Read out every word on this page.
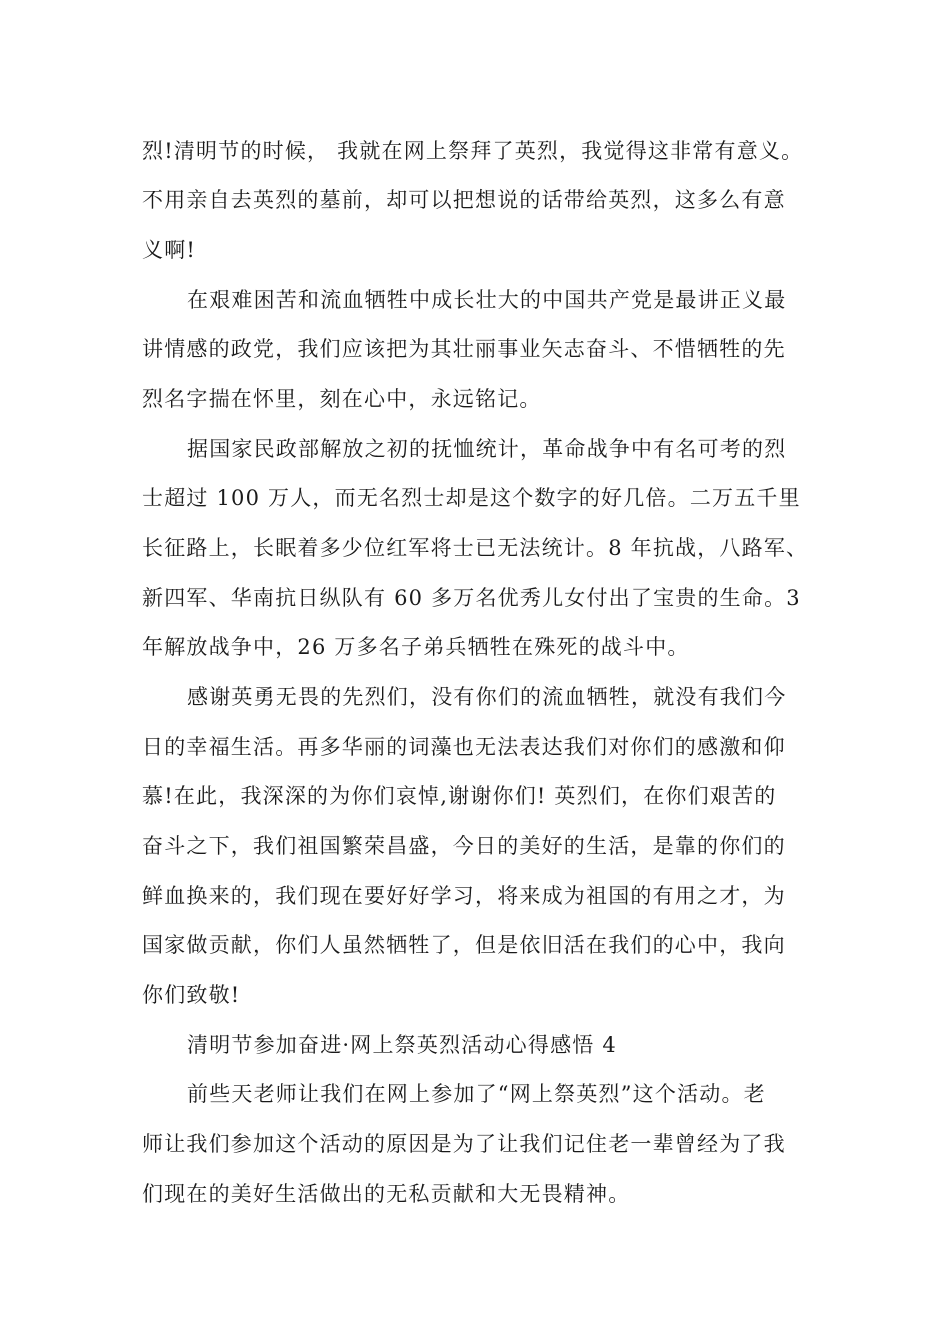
烈!清明节的时候， 我就在网上祭拜了英烈，我觉得这非常有意义。
不用亲自去英烈的墓前，却可以把想说的话带给英烈，这多么有意
义啊!
在艰难困苦和流血牺牲中成长壮大的中国共产党是最讲正义最
讲情感的政党，我们应该把为其壮丽事业矢志奋斗、不惜牺牲的先
烈名字揣在怀里，刻在心中，永远铭记。
据国家民政部解放之初的抚恤统计，革命战争中有名可考的烈
士超过 100 万人，而无名烈士却是这个数字的好几倍。二万五千里
长征路上，长眠着多少位红军将士已无法统计。8 年抗战，八路军、
新四军、华南抗日纵队有 60 多万名优秀儿女付出了宝贵的生命。3
年解放战争中，26 万多名子弟兵牺牲在殊死的战斗中。
感谢英勇无畏的先烈们，没有你们的流血牺牲，就没有我们今
日的幸福生活。再多华丽的词藻也无法表达我们对你们的感激和仰
慕!在此，我深深的为你们哀悼,谢谢你们! 英烈们，在你们艰苦的
奋斗之下，我们祖国繁荣昌盛，今日的美好的生活，是靠的你们的
鲜血换来的，我们现在要好好学习，将来成为祖国的有用之才，为
国家做贡献，你们人虽然牺牲了，但是依旧活在我们的心中，我向
你们致敬!
清明节参加奋进·网上祭英烈活动心得感悟 4
前些天老师让我们在网上参加了“网上祭英烈”这个活动。老
师让我们参加这个活动的原因是为了让我们记住老一辈曾经为了我
们现在的美好生活做出的无私贡献和大无畏精神。
